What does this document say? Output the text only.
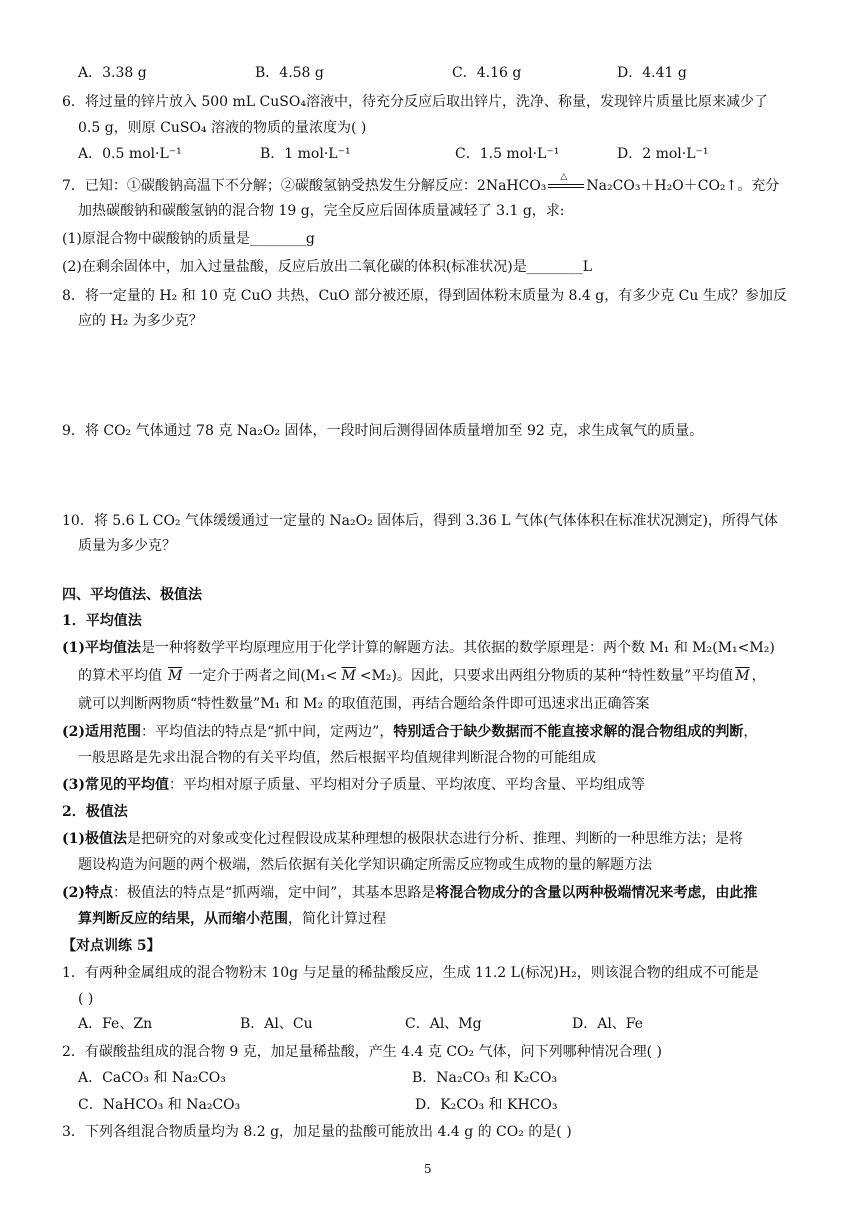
A．3.38 g	B．4.58 g	C．4.16 g	D．4.41 g
6．将过量的锌片放入 500 mL CuSO₄溶液中，待充分反应后取出锌片，洗净、称量，发现锌片质量比原来减少了
0.5 g，则原 CuSO₄ 溶液的物质的量浓度为( )
A．0.5 mol·L⁻¹	B．1 mol·L⁻¹	C．1.5 mol·L⁻¹	D．2 mol·L⁻¹
7．已知：①碳酸钠高温下不分解；②碳酸氢钠受热发生分解反应：2NaHCO₃
△
Na₂CO₃＋H₂O＋CO₂↑。充分
加热碳酸钠和碳酸氢钠的混合物 19 g，完全反应后固体质量减轻了 3.1 g，求:
(1)原混合物中碳酸钠的质量是________g
(2)在剩余固体中，加入过量盐酸，反应后放出二氧化碳的体积(标准状况)是________L
8．将一定量的 H₂ 和 10 克 CuO 共热，CuO 部分被还原，得到固体粉末质量为 8.4 g，有多少克 Cu 生成？参加反
应的 H₂ 为多少克？
9．将 CO₂ 气体通过 78 克 Na₂O₂ 固体，一段时间后测得固体质量增加至 92 克，求生成氧气的质量。
10．将 5.6 L CO₂ 气体缓缓通过一定量的 Na₂O₂ 固体后，得到 3.36 L 气体(气体体积在标准状况测定)，所得气体
质量为多少克？
四、平均值法、极值法
1．平均值法
(1)平均值法是一种将数学平均原理应用于化学计算的解题方法。其依据的数学原理是：两个数 M₁ 和 M₂(M₁<M₂)
的算术平均值 $\overline{M}$ 一定介于两者之间$(M_1< \overline{M} <M_2)$。因此，只要求出两组分物质的某种“特性数量”平均值 $\overline{M}$ ，
就可以判断两物质“特性数量”M₁ 和 M₂ 的取值范围，再结合题给条件即可迅速求出正确答案
(2)适用范围：平均值法的特点是“抓中间，定两边”，特别适合于缺少数据而不能直接求解的混合物组成的判断，
一般思路是先求出混合物的有关平均值，然后根据平均值规律判断混合物的可能组成
(3)常见的平均值：平均相对原子质量、平均相对分子质量、平均浓度、平均含量、平均组成等
2．极值法
(1)极值法是把研究的对象或变化过程假设成某种理想的极限状态进行分析、推理、判断的一种思维方法；是将
题设构造为问题的两个极端，然后依据有关化学知识确定所需反应物或生成物的量的解题方法
(2)特点：极值法的特点是“抓两端，定中间”，其基本思路是将混合物成分的含量以两种极端情况来考虑，由此推
算判断反应的结果，从而缩小范围，简化计算过程
【对点训练 5】
1．有两种金属组成的混合物粉末 10g 与足量的稀盐酸反应，生成 11.2 L(标况)H₂，则该混合物的组成不可能是
( )
A．Fe、Zn	B．Al、Cu	C．Al、Mg	D．Al、Fe
2．有碳酸盐组成的混合物 9 克，加足量稀盐酸，产生 4.4 克 CO₂ 气体，问下列哪种情况合理( )
A．CaCO₃ 和 Na₂CO₃	B．Na₂CO₃ 和 K₂CO₃
C．NaHCO₃ 和 Na₂CO₃	D．K₂CO₃ 和 KHCO₃
3．下列各组混合物质量均为 8.2 g，加足量的盐酸可能放出 4.4 g 的 CO₂ 的是( )
5
